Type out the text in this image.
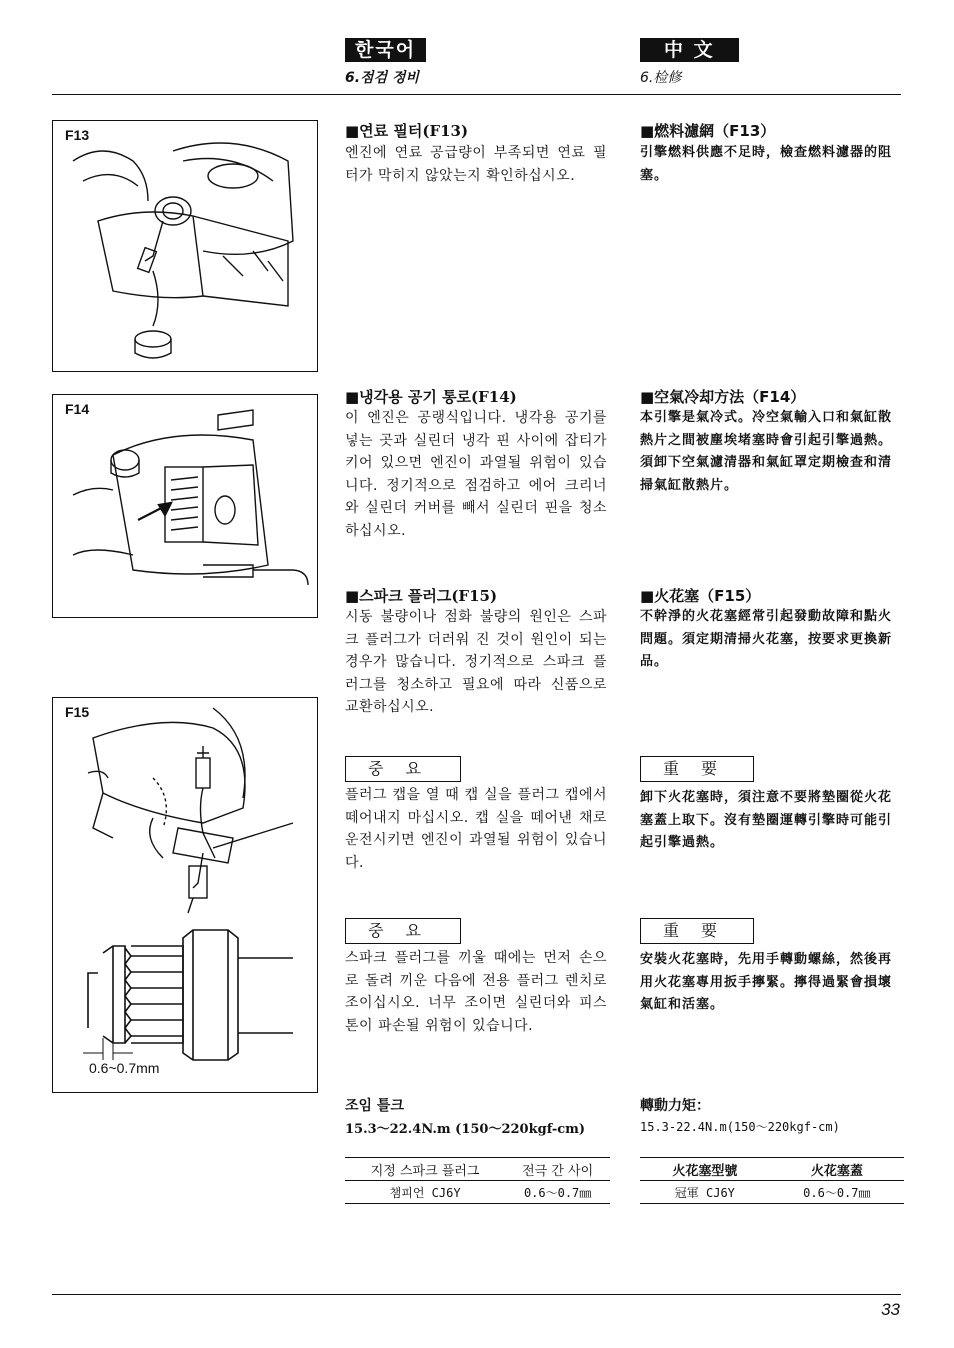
한국어
6.점검 정비
中 文
6.检修
F13
F14
F15
0.6~0.7mm
■연료 필터(F13)
엔진에 연료 공급량이 부족되면 연료 필터가 막히지 않았는지 확인하십시오.
■냉각용 공기 통로(F14)
이 엔진은 공랭식입니다. 냉각용 공기를 넣는 곳과 실린더 냉각 핀 사이에 잡티가 키어 있으면 엔진이 과열될 위험이 있습니다. 정기적으로 점검하고 에어 크리너와 실린더 커버를 빼서 실린더 핀을 청소하십시오.
■스파크 플러그(F15)
시동 불량이나 점화 불량의 원인은 스파크 플러그가 더러워 진 것이 원인이 되는 경우가 많습니다. 정기적으로 스파크 플러그를 청소하고 필요에 따라 신품으로 교환하십시오.
중요
플러그 캡을 열 때 캡 실을 플러그 캡에서 떼어내지 마십시오. 캡 실을 떼어낸 채로 운전시키면 엔진이 과열될 위험이 있습니다.
중요
스파크 플러그를 끼울 때에는 먼저 손으로 돌려 끼운 다음에 전용 플러그 렌치로 조이십시오. 너무 조이면 실린더와 피스톤이 파손될 위험이 있습니다.
조임 틀크
15.3～22.4N.m (150～220kgf-cm)
지정 스파크 플러그	전극 간 사이
챔피언 CJ6Y	0.6～0.7㎜
■燃料濾網（F13）
引擎燃料供應不足時，檢查燃料濾器的阻塞。
■空氣冷却方法（F14）
本引擎是氣冷式。冷空氣輸入口和氣缸散熱片之間被塵埃堵塞時會引起引擎過熱。須卸下空氣濾清器和氣缸罩定期檢查和清掃氣缸散熱片。
■火花塞（F15）
不幹淨的火花塞經常引起發動故障和點火問題。須定期清掃火花塞，按要求更換新品。
重要
卸下火花塞時，須注意不要將墊圈從火花塞蓋上取下。沒有墊圈運轉引擎時可能引起引擎過熱。
重要
安裝火花塞時，先用手轉動螺絲，然後再用火花塞專用扳手擰緊。擰得過緊會損壞氣缸和活塞。
轉動力矩：
15.3-22.4N.m(150～220kgf-cm)
火花塞型號	火花塞蓋
冠軍 CJ6Y	0.6～0.7㎜
33
